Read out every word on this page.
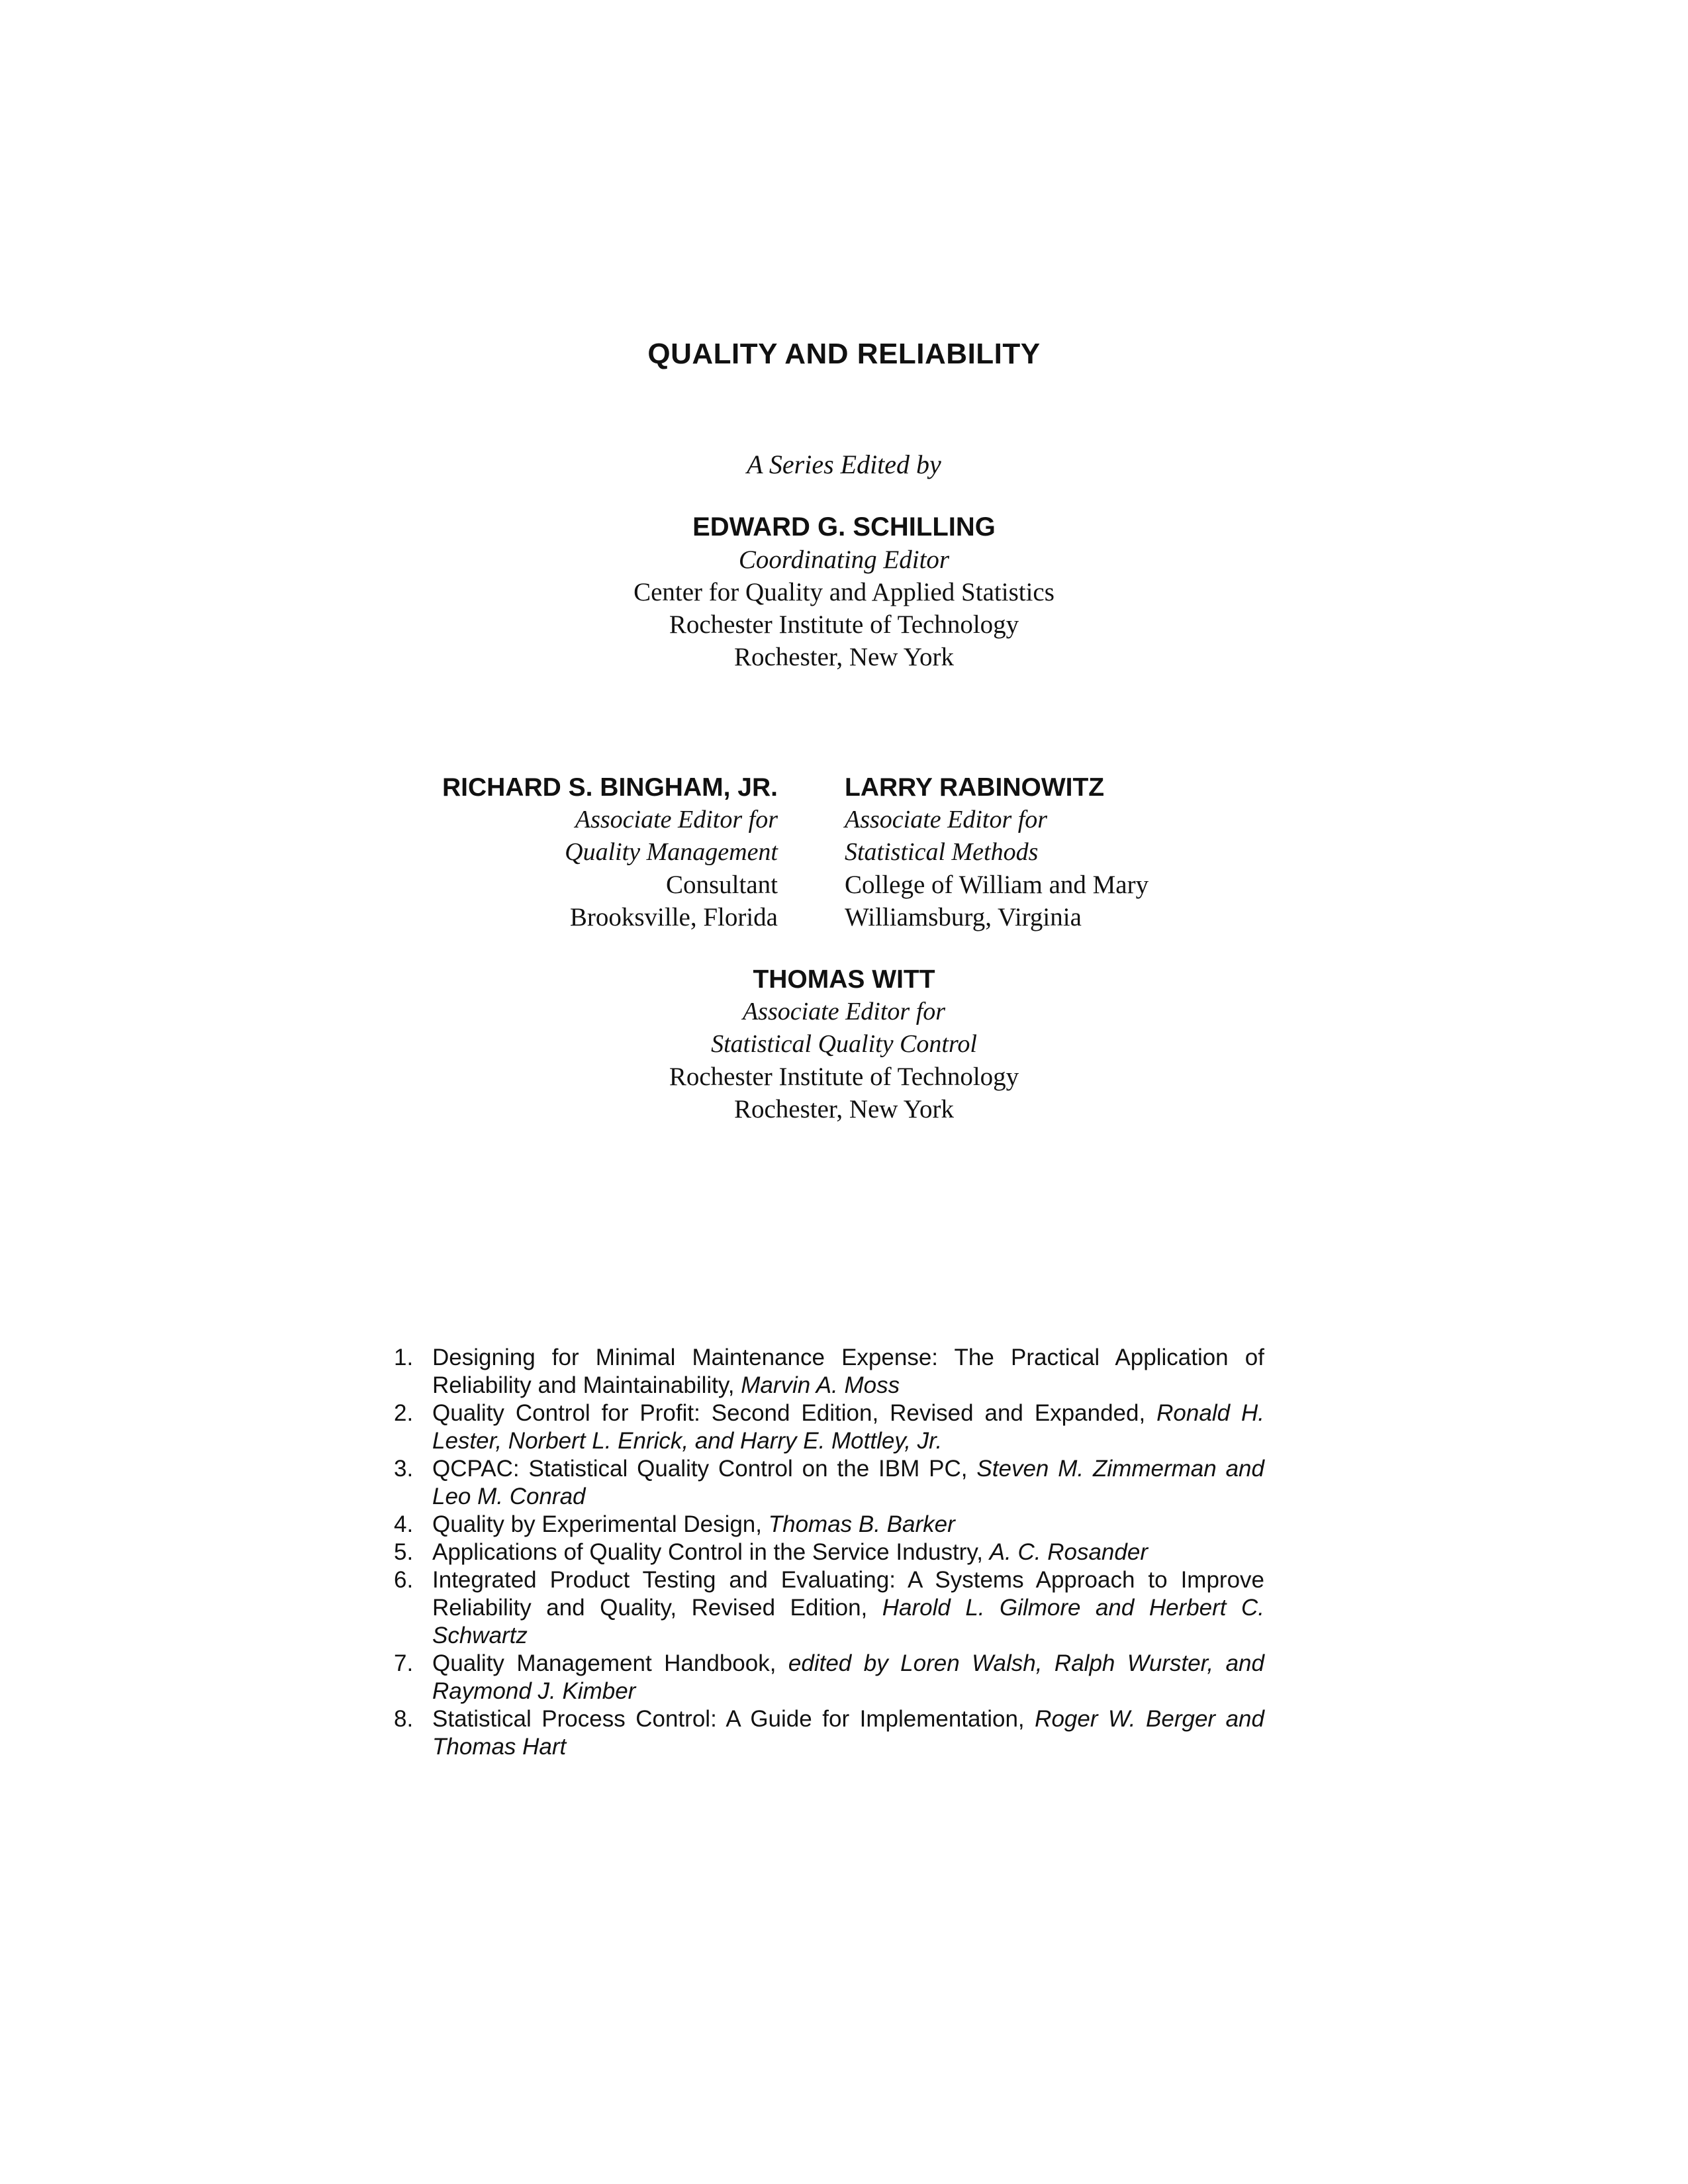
QUALITY AND RELIABILITY
A Series Edited by
EDWARD G. SCHILLING
Coordinating Editor
Center for Quality and Applied Statistics
Rochester Institute of Technology
Rochester, New York
RICHARD S. BINGHAM, JR.
Associate Editor for
Quality Management
Consultant
Brooksville, Florida
LARRY RABINOWITZ
Associate Editor for
Statistical Methods
College of William and Mary
Williamsburg, Virginia
THOMAS WITT
Associate Editor for
Statistical Quality Control
Rochester Institute of Technology
Rochester, New York
1. Designing for Minimal Maintenance Expense: The Practical Application of Reliability and Maintainability, Marvin A. Moss
2. Quality Control for Profit: Second Edition, Revised and Expanded, Ronald H. Lester, Norbert L. Enrick, and Harry E. Mottley, Jr.
3. QCPAC: Statistical Quality Control on the IBM PC, Steven M. Zimmerman and Leo M. Conrad
4. Quality by Experimental Design, Thomas B. Barker
5. Applications of Quality Control in the Service Industry, A. C. Rosander
6. Integrated Product Testing and Evaluating: A Systems Approach to Improve Reliability and Quality, Revised Edition, Harold L. Gilmore and Herbert C. Schwartz
7. Quality Management Handbook, edited by Loren Walsh, Ralph Wurster, and Raymond J. Kimber
8. Statistical Process Control: A Guide for Implementation, Roger W. Berger and Thomas Hart
